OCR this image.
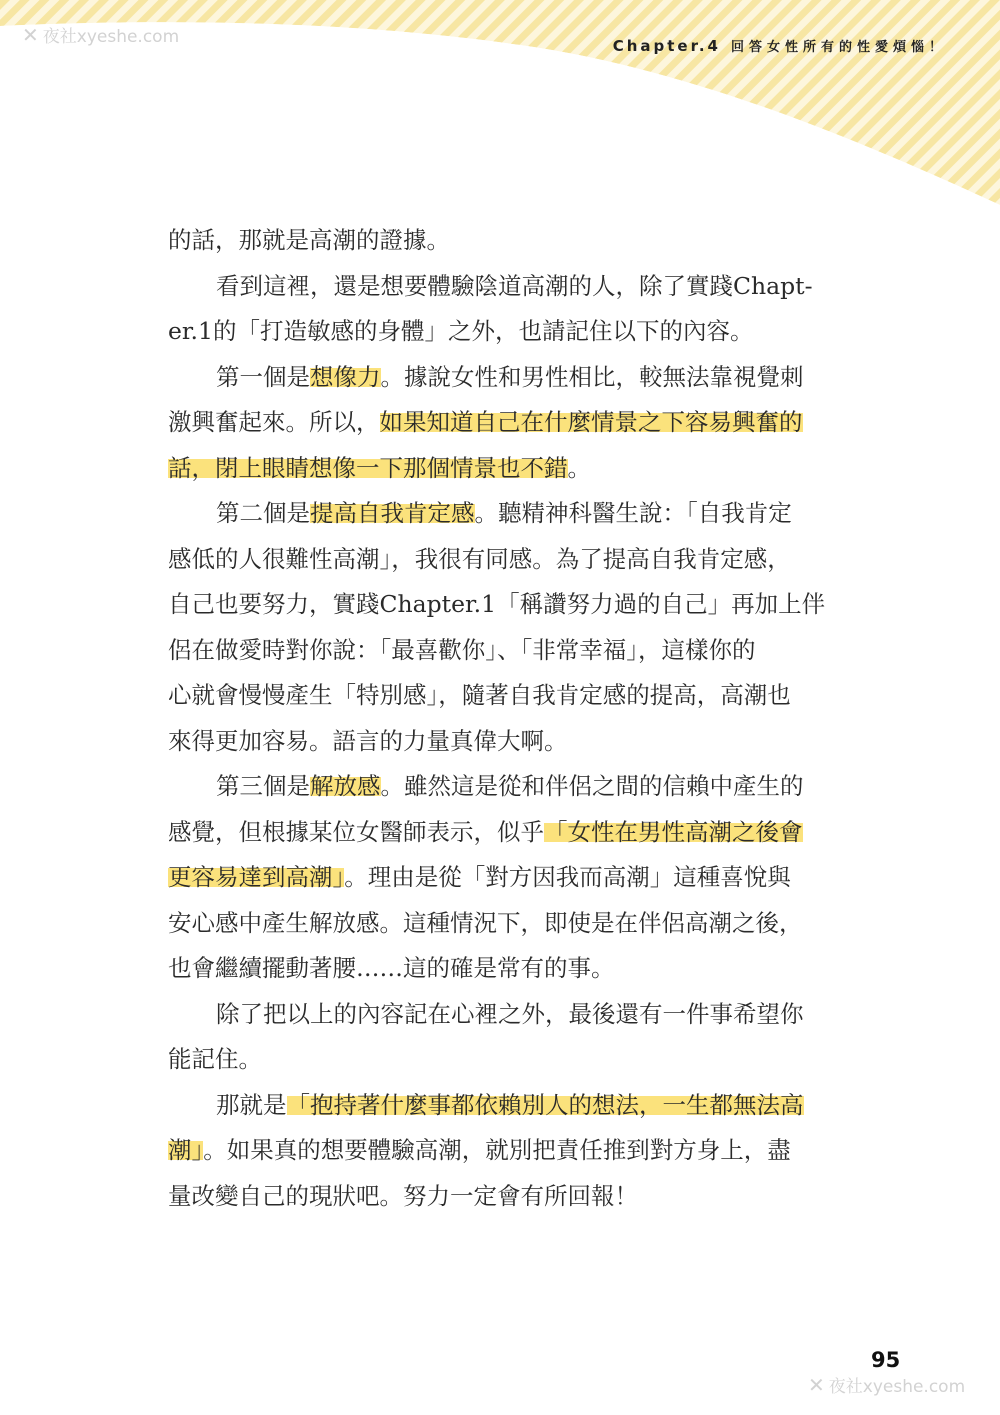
✕ 夜社xyeshe.com	Chapter.4 回答女性所有的性愛煩惱！
的話，那就是高潮的證據。
看到這裡，還是想要體驗陰道高潮的人，除了實踐Chapt-
er.1的「打造敏感的身體」之外，也請記住以下的內容。
第一個是想像力。據說女性和男性相比，較無法靠視覺刺
激興奮起來。所以，如果知道自己在什麼情景之下容易興奮的
話，閉上眼睛想像一下那個情景也不錯。
第二個是提高自我肯定感。聽精神科醫生說：「自我肯定
感低的人很難性高潮」，我很有同感。為了提高自我肯定感，
自己也要努力，實踐Chapter.1「稱讚努力過的自己」再加上伴
侶在做愛時對你說：「最喜歡你」、「非常幸福」，這樣你的
心就會慢慢產生「特別感」，隨著自我肯定感的提高，高潮也
來得更加容易。語言的力量真偉大啊。
第三個是解放感。雖然這是從和伴侶之間的信賴中產生的
感覺，但根據某位女醫師表示，似乎「女性在男性高潮之後會
更容易達到高潮」。理由是從「對方因我而高潮」這種喜悅與
安心感中產生解放感。這種情況下，即使是在伴侶高潮之後，
也會繼續擺動著腰……這的確是常有的事。
除了把以上的內容記在心裡之外，最後還有一件事希望你
能記住。
那就是「抱持著什麼事都依賴別人的想法，一生都無法高
潮」。如果真的想要體驗高潮，就別把責任推到對方身上，盡
量改變自己的現狀吧。努力一定會有所回報！
95
✕ 夜社xyeshe.com
